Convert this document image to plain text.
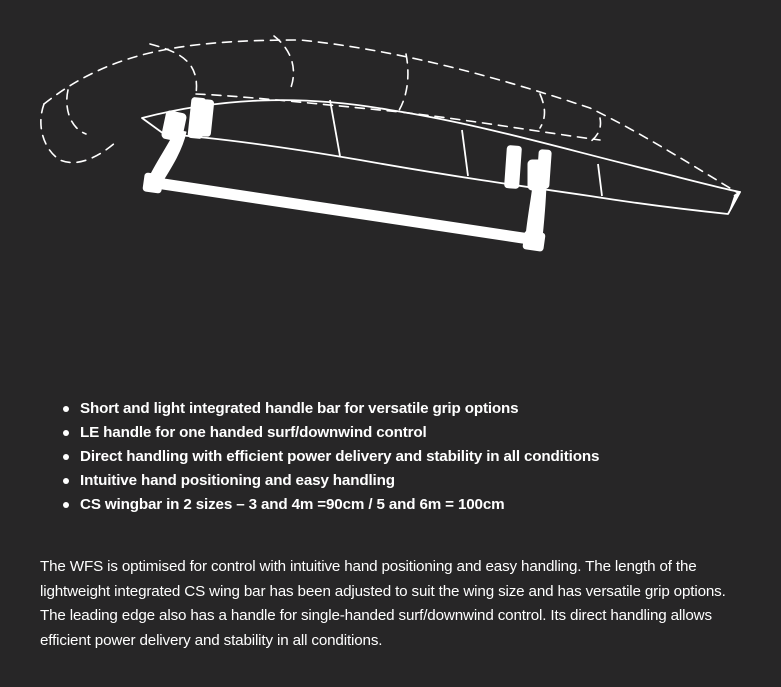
Short and light integrated handle bar for versatile grip options
LE handle for one handed surf/downwind control
Direct handling with efficient power delivery and stability in all conditions
Intuitive hand positioning and easy handling
CS wingbar in 2 sizes – 3 and 4m =90cm / 5 and 6m = 100cm

The WFS is optimised for control with intuitive hand positioning and easy handling. The length of the lightweight integrated CS wing bar has been adjusted to suit the wing size and has versatile grip options. The leading edge also has a handle for single-handed surf/downwind control. Its direct handling allows efficient power delivery and stability in all conditions.
